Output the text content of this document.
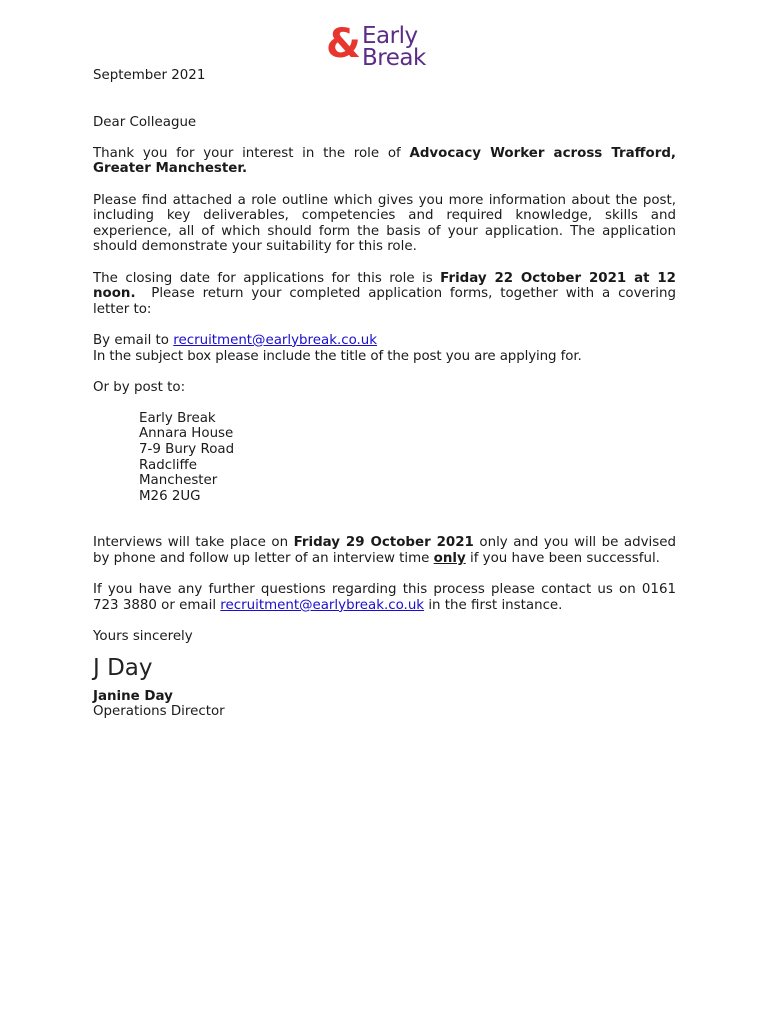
& Early
Break

September 2021

Dear Colleague

Thank you for your interest in the role of Advocacy Worker across Trafford, Greater Manchester.

Please find attached a role outline which gives you more information about the post, including key deliverables, competencies and required knowledge, skills and experience, all of which should form the basis of your application. The application should demonstrate your suitability for this role.

The closing date for applications for this role is Friday 22 October 2021 at 12 noon.  Please return your completed application forms, together with a covering letter to:

By email to recruitment@earlybreak.co.uk
In the subject box please include the title of the post you are applying for.

Or by post to:

Early Break
Annara House
7-9 Bury Road
Radcliffe
Manchester
M26 2UG

Interviews will take place on Friday 29 October 2021 only and you will be advised by phone and follow up letter of an interview time only if you have been successful.

If you have any further questions regarding this process please contact us on 0161 723 3880 or email recruitment@earlybreak.co.uk in the first instance.

Yours sincerely

J Day
Janine Day
Operations Director
